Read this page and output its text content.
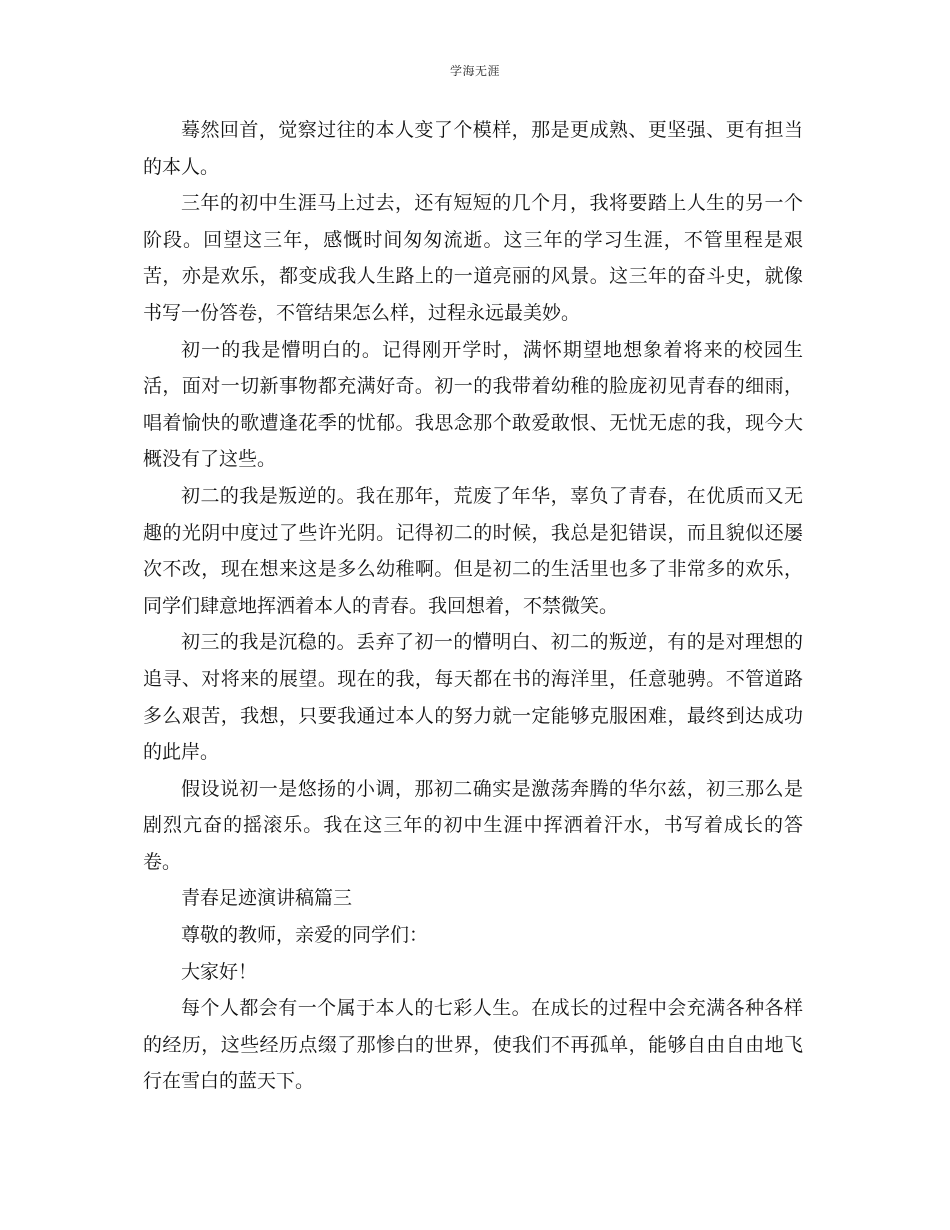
学海无涯

蓦然回首，觉察过往的本人变了个模样，那是更成熟、更坚强、更有担当的本人。

三年的初中生涯马上过去，还有短短的几个月，我将要踏上人生的另一个阶段。回望这三年，感慨时间匆匆流逝。这三年的学习生涯，不管里程是艰苦，亦是欢乐，都变成我人生路上的一道亮丽的风景。这三年的奋斗史，就像书写一份答卷，不管结果怎么样，过程永远最美妙。

初一的我是懵明白的。记得刚开学时，满怀期望地想象着将来的校园生活，面对一切新事物都充满好奇。初一的我带着幼稚的脸庞初见青春的细雨，唱着愉快的歌遭逢花季的忧郁。我思念那个敢爱敢恨、无忧无虑的我，现今大概没有了这些。

初二的我是叛逆的。我在那年，荒废了年华，辜负了青春，在优质而又无趣的光阴中度过了些许光阴。记得初二的时候，我总是犯错误，而且貌似还屡次不改，现在想来这是多么幼稚啊。但是初二的生活里也多了非常多的欢乐，同学们肆意地挥洒着本人的青春。我回想着，不禁微笑。

初三的我是沉稳的。丢弃了初一的懵明白、初二的叛逆，有的是对理想的追寻、对将来的展望。现在的我，每天都在书的海洋里，任意驰骋。不管道路多么艰苦，我想，只要我通过本人的努力就一定能够克服困难，最终到达成功的此岸。

假设说初一是悠扬的小调，那初二确实是激荡奔腾的华尔兹，初三那么是剧烈亢奋的摇滚乐。我在这三年的初中生涯中挥洒着汗水，书写着成长的答卷。

青春足迹演讲稿篇三

尊敬的教师，亲爱的同学们：

大家好！

每个人都会有一个属于本人的七彩人生。在成长的过程中会充满各种各样的经历，这些经历点缀了那惨白的世界，使我们不再孤单，能够自由自由地飞行在雪白的蓝天下。
